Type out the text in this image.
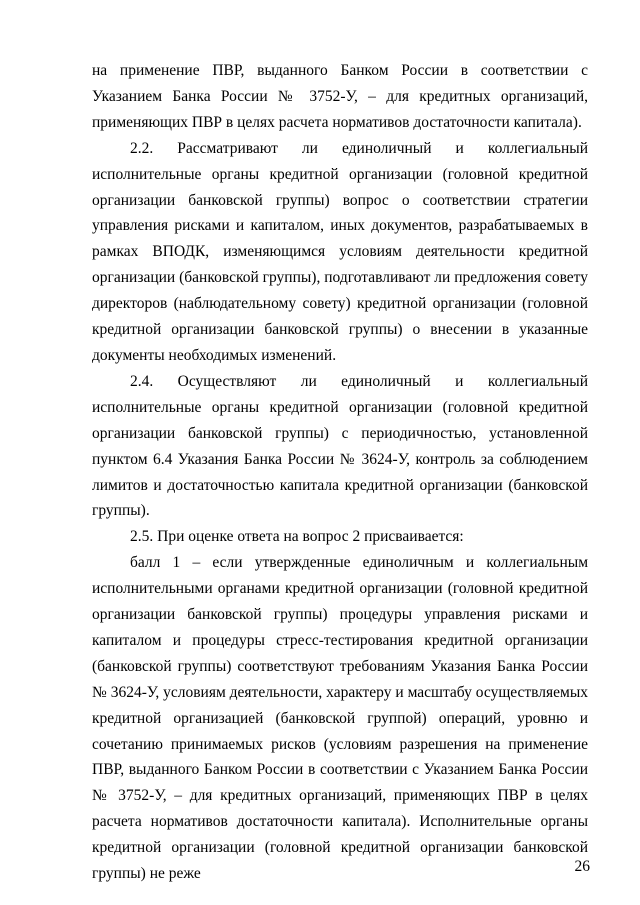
на применение ПВР, выданного Банком России в соответствии с Указанием Банка России № 3752-У, – для кредитных организаций, применяющих ПВР в целях расчета нормативов достаточности капитала).

2.2. Рассматривают ли единоличный и коллегиальный исполнительные органы кредитной организации (головной кредитной организации банковской группы) вопрос о соответствии стратегии управления рисками и капиталом, иных документов, разрабатываемых в рамках ВПОДК, изменяющимся условиям деятельности кредитной организации (банковской группы), подготавливают ли предложения совету директоров (наблюдательному совету) кредитной организации (головной кредитной организации банковской группы) о внесении в указанные документы необходимых изменений.

2.4. Осуществляют ли единоличный и коллегиальный исполнительные органы кредитной организации (головной кредитной организации банковской группы) с периодичностью, установленной пунктом 6.4 Указания Банка России № 3624-У, контроль за соблюдением лимитов и достаточностью капитала кредитной организации (банковской группы).

2.5. При оценке ответа на вопрос 2 присваивается:

балл 1 – если утвержденные единоличным и коллегиальным исполнительными органами кредитной организации (головной кредитной организации банковской группы) процедуры управления рисками и капиталом и процедуры стресс-тестирования кредитной организации (банковской группы) соответствуют требованиям Указания Банка России № 3624-У, условиям деятельности, характеру и масштабу осуществляемых кредитной организацией (банковской группой) операций, уровню и сочетанию принимаемых рисков (условиям разрешения на применение ПВР, выданного Банком России в соответствии с Указанием Банка России № 3752-У, – для кредитных организаций, применяющих ПВР в целях расчета нормативов достаточности капитала). Исполнительные органы кредитной организации (головной кредитной организации банковской группы) не реже	26
